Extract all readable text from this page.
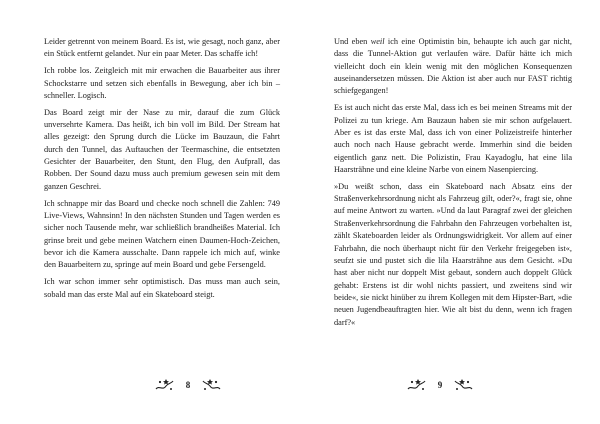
Leider getrennt von meinem Board. Es ist, wie gesagt, noch ganz, aber ein Stück entfernt gelandet. Nur ein paar Meter. Das schaffe ich!

Ich robbe los. Zeitgleich mit mir erwachen die Bauarbeiter aus ihrer Schockstarre und setzen sich ebenfalls in Bewegung, aber ich bin – schneller. Logisch.

Das Board zeigt mir der Nase zu mir, darauf die zum Glück unversehrte Kamera. Das heißt, ich bin voll im Bild. Der Stream hat alles gezeigt: den Sprung durch die Lücke im Bauzaun, die Fahrt durch den Tunnel, das Auftauchen der Teermaschine, die entsetzten Gesichter der Bauarbeiter, den Stunt, den Flug, den Aufprall, das Robben. Der Sound dazu muss auch premium gewesen sein mit dem ganzen Geschrei.

Ich schnappe mir das Board und checke noch schnell die Zahlen: 749 Live-Views, Wahnsinn! In den nächsten Stunden und Tagen werden es sicher noch Tausende mehr, war schließlich brandheißes Material. Ich grinse breit und gebe meinen Watchern einen Daumen-Hoch-Zeichen, bevor ich die Kamera ausschalte. Dann rappele ich mich auf, winke den Bauarbeitern zu, springe auf mein Board und gebe Fersengeld.

Ich war schon immer sehr optimistisch. Das muss man auch sein, sobald man das erste Mal auf ein Skateboard steigt.

Und eben weil ich eine Optimistin bin, behaupte ich auch gar nicht, dass die Tunnel-Aktion gut verlaufen wäre. Dafür hätte ich mich vielleicht doch ein klein wenig mit den möglichen Konsequenzen auseinandersetzen müssen. Die Aktion ist aber auch nur FAST richtig schiefgegangen!

Es ist auch nicht das erste Mal, dass ich es bei meinen Streams mit der Polizei zu tun kriege. Am Bauzaun haben sie mir schon aufgelauert. Aber es ist das erste Mal, dass ich von einer Polizeistreife hinterher auch noch nach Hause gebracht werde. Immerhin sind die beiden eigentlich ganz nett. Die Polizistin, Frau Kayadoglu, hat eine lila Haarsträhne und eine kleine Narbe von einem Nasenpiercing.

»Du weißt schon, dass ein Skateboard nach Absatz eins der Straßenverkehrsordnung nicht als Fahrzeug gilt, oder?«, fragt sie, ohne auf meine Antwort zu warten. »Und da laut Paragraf zwei der gleichen Straßenverkehrsordnung die Fahrbahn den Fahrzeugen vorbehalten ist, zählt Skateboarden leider als Ordnungswidrigkeit. Vor allem auf einer Fahrbahn, die noch überhaupt nicht für den Verkehr freigegeben ist«, seufzt sie und pustet sich die lila Haarsträhne aus dem Gesicht. »Du hast aber nicht nur doppelt Mist gebaut, sondern auch doppelt Glück gehabt: Erstens ist dir wohl nichts passiert, und zweitens sind wir beide«, sie nickt hinüber zu ihrem Kollegen mit dem Hipster-Bart, »die neuen Jugendbeauftragten hier. Wie alt bist du denn, wenn ich fragen darf?«

8	9
